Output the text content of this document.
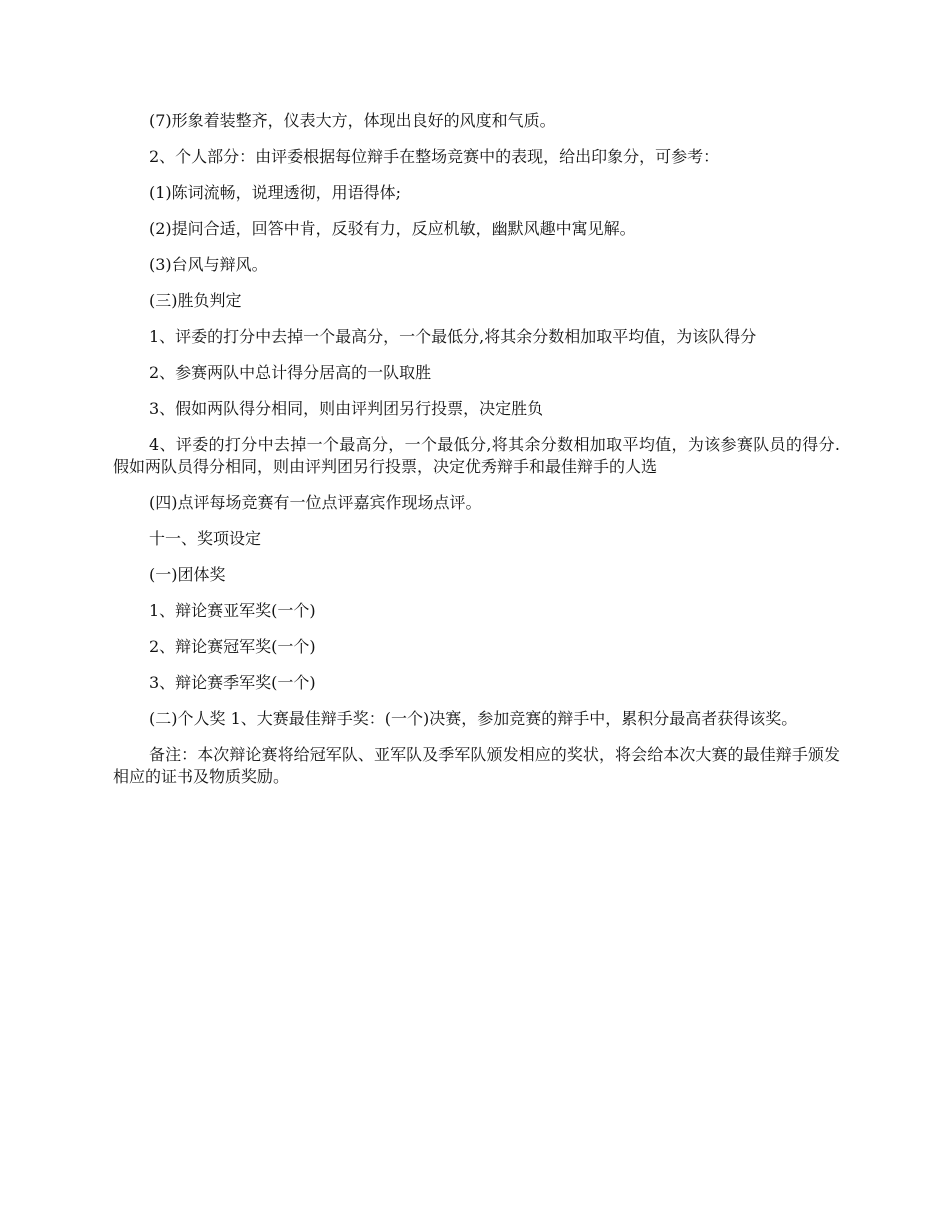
(7)形象着装整齐，仪表大方，体现出良好的风度和气质。

2、个人部分：由评委根据每位辩手在整场竞赛中的表现，给出印象分，可参考：

(1)陈词流畅，说理透彻，用语得体;

(2)提问合适，回答中肯，反驳有力，反应机敏，幽默风趣中寓见解。

(3)台风与辩风。

(三)胜负判定

1、评委的打分中去掉一个最高分，一个最低分,将其余分数相加取平均值，为该队得分

2、参赛两队中总计得分居高的一队取胜

3、假如两队得分相同，则由评判团另行投票，决定胜负

4、评委的打分中去掉一个最高分，一个最低分,将其余分数相加取平均值，为该参赛队员的得分.假如两队员得分相同，则由评判团另行投票，决定优秀辩手和最佳辩手的人选

(四)点评每场竞赛有一位点评嘉宾作现场点评。

十一、奖项设定

(一)团体奖

1、辩论赛亚军奖(一个)

2、辩论赛冠军奖(一个)

3、辩论赛季军奖(一个)

(二)个人奖 1、大赛最佳辩手奖：(一个)决赛，参加竞赛的辩手中，累积分最高者获得该奖。

备注：本次辩论赛将给冠军队、亚军队及季军队颁发相应的奖状，将会给本次大赛的最佳辩手颁发相应的证书及物质奖励。
